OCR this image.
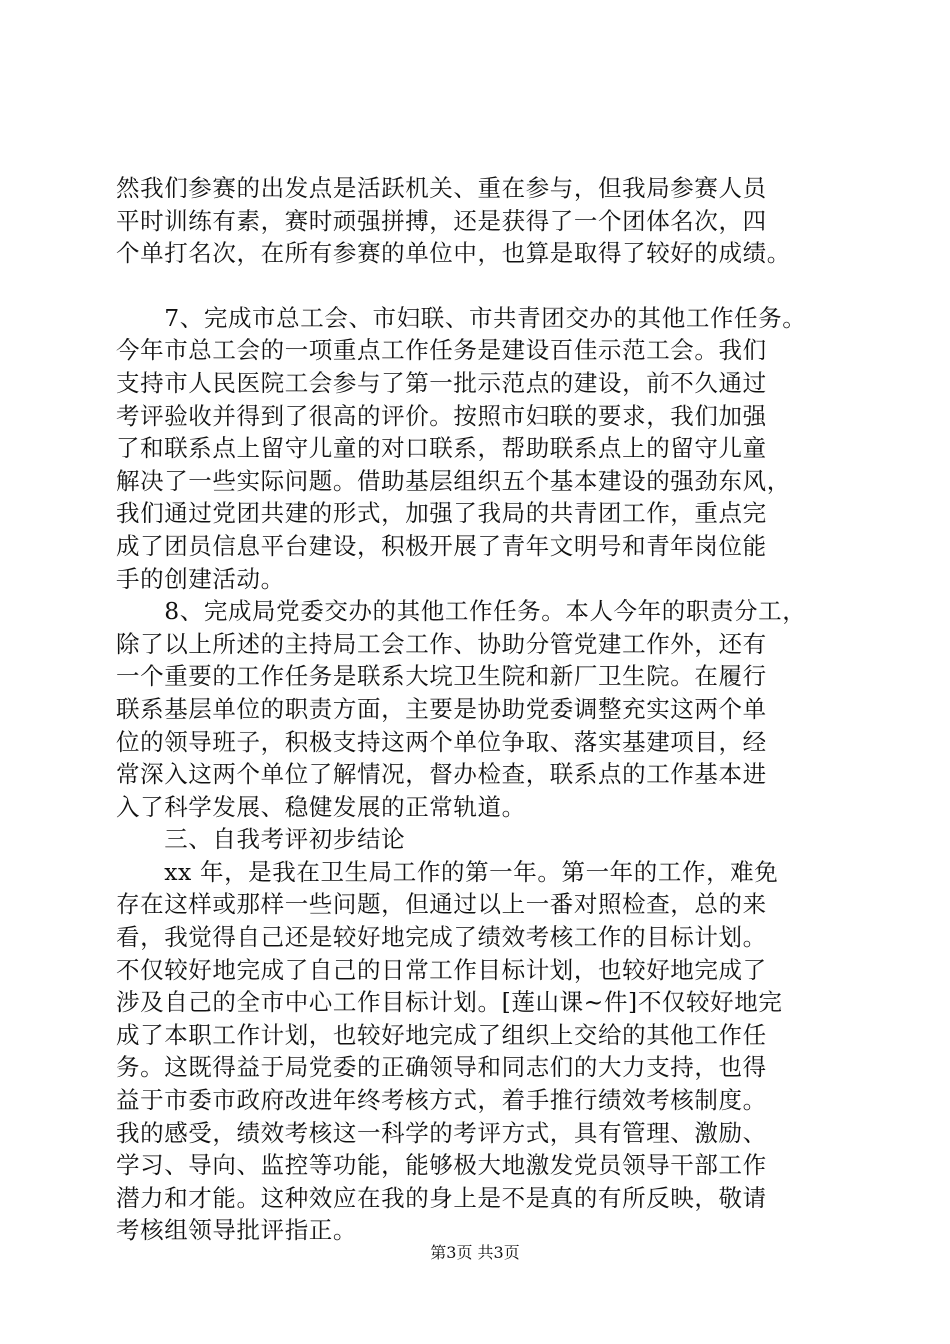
然我们参赛的出发点是活跃机关、重在参与，但我局参赛人员
平时训练有素，赛时顽强拼搏，还是获得了一个团体名次，四
个单打名次，在所有参赛的单位中，也算是取得了较好的成绩。
　　7、完成市总工会、市妇联、市共青团交办的其他工作任务。
今年市总工会的一项重点工作任务是建设百佳示范工会。我们
支持市人民医院工会参与了第一批示范点的建设，前不久通过
考评验收并得到了很高的评价。按照市妇联的要求，我们加强
了和联系点上留守儿童的对口联系，帮助联系点上的留守儿童
解决了一些实际问题。借助基层组织五个基本建设的强劲东风，
我们通过党团共建的形式，加强了我局的共青团工作，重点完
成了团员信息平台建设，积极开展了青年文明号和青年岗位能
手的创建活动。
　　8、完成局党委交办的其他工作任务。本人今年的职责分工，
除了以上所述的主持局工会工作、协助分管党建工作外，还有
一个重要的工作任务是联系大垸卫生院和新厂卫生院。在履行
联系基层单位的职责方面，主要是协助党委调整充实这两个单
位的领导班子，积极支持这两个单位争取、落实基建项目，经
常深入这两个单位了解情况，督办检查，联系点的工作基本进
入了科学发展、稳健发展的正常轨道。
　　三、自我考评初步结论
　　xx 年，是我在卫生局工作的第一年。第一年的工作，难免
存在这样或那样一些问题，但通过以上一番对照检查，总的来
看，我觉得自己还是较好地完成了绩效考核工作的目标计划。
不仅较好地完成了自己的日常工作目标计划，也较好地完成了
涉及自己的全市中心工作目标计划。[莲山课~件]不仅较好地完
成了本职工作计划，也较好地完成了组织上交给的其他工作任
务。这既得益于局党委的正确领导和同志们的大力支持，也得
益于市委市政府改进年终考核方式，着手推行绩效考核制度。
我的感受，绩效考核这一科学的考评方式，具有管理、激励、
学习、导向、监控等功能，能够极大地激发党员领导干部工作
潜力和才能。这种效应在我的身上是不是真的有所反映，敬请
考核组领导批评指正。
第3页 共3页
